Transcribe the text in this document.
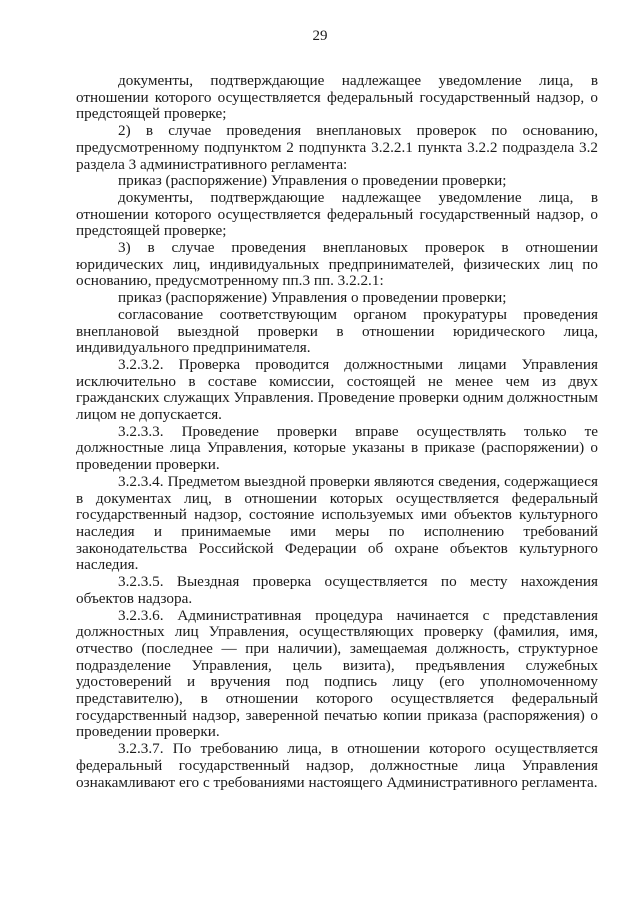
29

документы, подтверждающие надлежащее уведомление лица, в отношении которого осуществляется федеральный государственный надзор, о предстоящей проверке;

2) в случае проведения внеплановых проверок по основанию, предусмотренному подпунктом 2 подпункта 3.2.2.1 пункта 3.2.2 подраздела 3.2 раздела 3 административного регламента:

приказ (распоряжение) Управления о проведении проверки;

документы, подтверждающие надлежащее уведомление лица, в отношении которого осуществляется федеральный государственный надзор, о предстоящей проверке;

3) в случае проведения внеплановых проверок в отношении юридических лиц, индивидуальных предпринимателей, физических лиц по основанию, предусмотренному пп.3 пп. 3.2.2.1:

приказ (распоряжение) Управления о проведении проверки;

согласование соответствующим органом прокуратуры проведения внеплановой выездной проверки в отношении юридического лица, индивидуального предпринимателя.

3.2.3.2. Проверка проводится должностными лицами Управления исключительно в составе комиссии, состоящей не менее чем из двух гражданских служащих Управления. Проведение проверки одним должностным лицом не допускается.

3.2.3.3. Проведение проверки вправе осуществлять только те должностные лица Управления, которые указаны в приказе (распоряжении) о проведении проверки.

3.2.3.4. Предметом выездной проверки являются сведения, содержащиеся в документах лиц, в отношении которых осуществляется федеральный государственный надзор, состояние используемых ими объектов культурного наследия и принимаемые ими меры по исполнению требований законодательства Российской Федерации об охране объектов культурного наследия.

3.2.3.5. Выездная проверка осуществляется по месту нахождения объектов надзора.

3.2.3.6. Административная процедура начинается с представления должностных лиц Управления, осуществляющих проверку (фамилия, имя, отчество (последнее — при наличии), замещаемая должность, структурное подразделение Управления, цель визита), предъявления служебных удостоверений и вручения под подпись лицу (его уполномоченному представителю), в отношении которого осуществляется федеральный государственный надзор, заверенной печатью копии приказа (распоряжения) о проведении проверки.

3.2.3.7. По требованию лица, в отношении которого осуществляется федеральный государственный надзор, должностные лица Управления ознакамливают его с требованиями настоящего Административного регламента.
